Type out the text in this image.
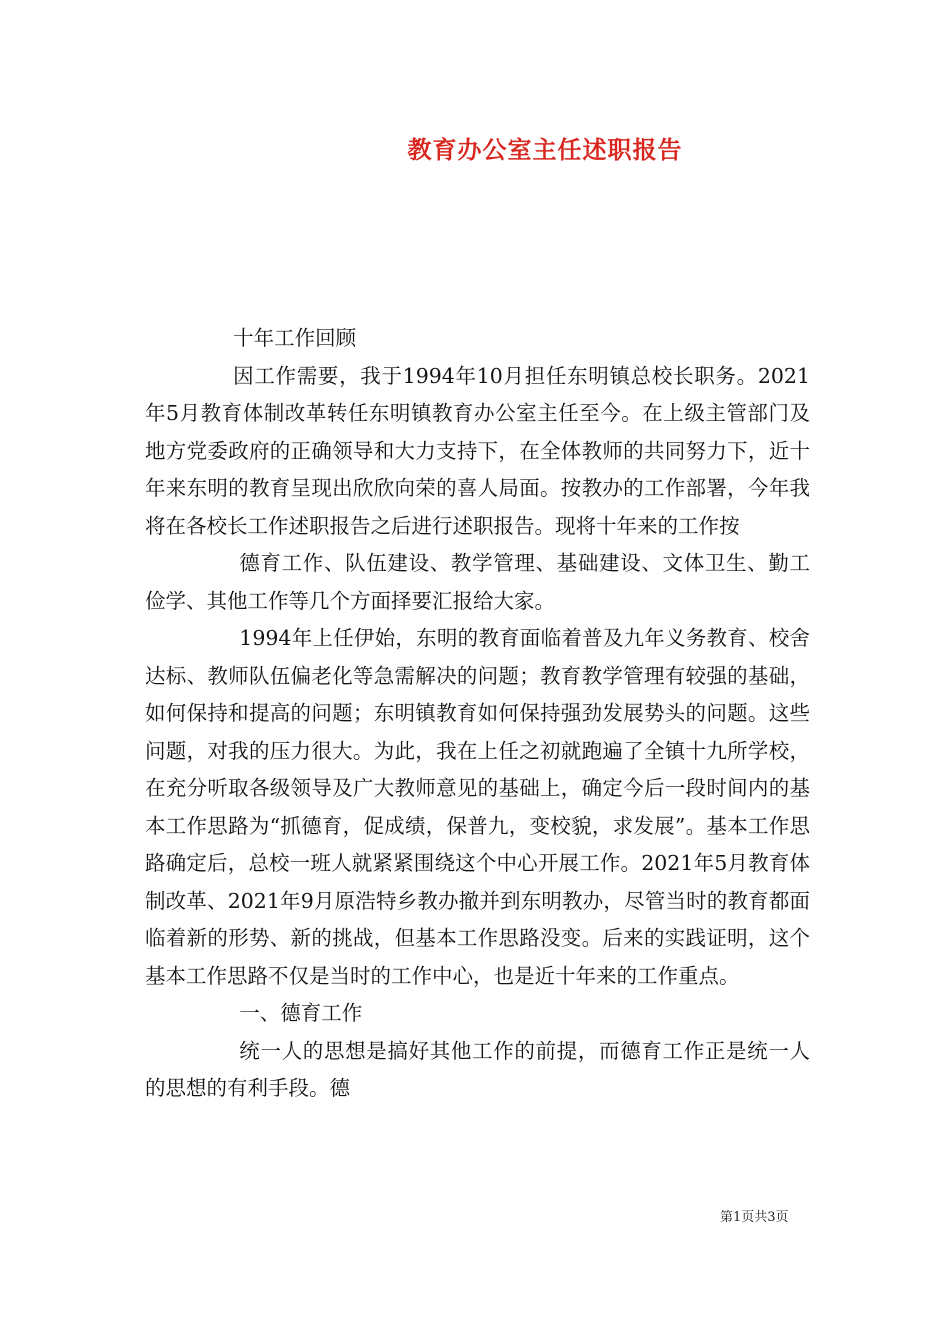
教育办公室主任述职报告

十年工作回顾

因工作需要，我于1994年10月担任东明镇总校长职务。2021年5月教育体制改革转任东明镇教育办公室主任至今。在上级主管部门及地方党委政府的正确领导和大力支持下，在全体教师的共同努力下，近十年来东明的教育呈现出欣欣向荣的喜人局面。按教办的工作部署，今年我将在各校长工作述职报告之后进行述职报告。现将十年来的工作按

德育工作、队伍建设、教学管理、基础建设、文体卫生、勤工俭学、其他工作等几个方面择要汇报给大家。

1994年上任伊始，东明的教育面临着普及九年义务教育、校舍达标、教师队伍偏老化等急需解决的问题；教育教学管理有较强的基础，如何保持和提高的问题；东明镇教育如何保持强劲发展势头的问题。这些问题，对我的压力很大。为此，我在上任之初就跑遍了全镇十九所学校，在充分听取各级领导及广大教师意见的基础上，确定今后一段时间内的基本工作思路为“抓德育，促成绩，保普九，变校貌，求发展”。基本工作思路确定后，总校一班人就紧紧围绕这个中心开展工作。2021年5月教育体制改革、2021年9月原浩特乡教办撤并到东明教办，尽管当时的教育都面临着新的形势、新的挑战，但基本工作思路没变。后来的实践证明，这个基本工作思路不仅是当时的工作中心，也是近十年来的工作重点。

一、德育工作

统一人的思想是搞好其他工作的前提，而德育工作正是统一人的思想的有利手段。德

第1页共3页
